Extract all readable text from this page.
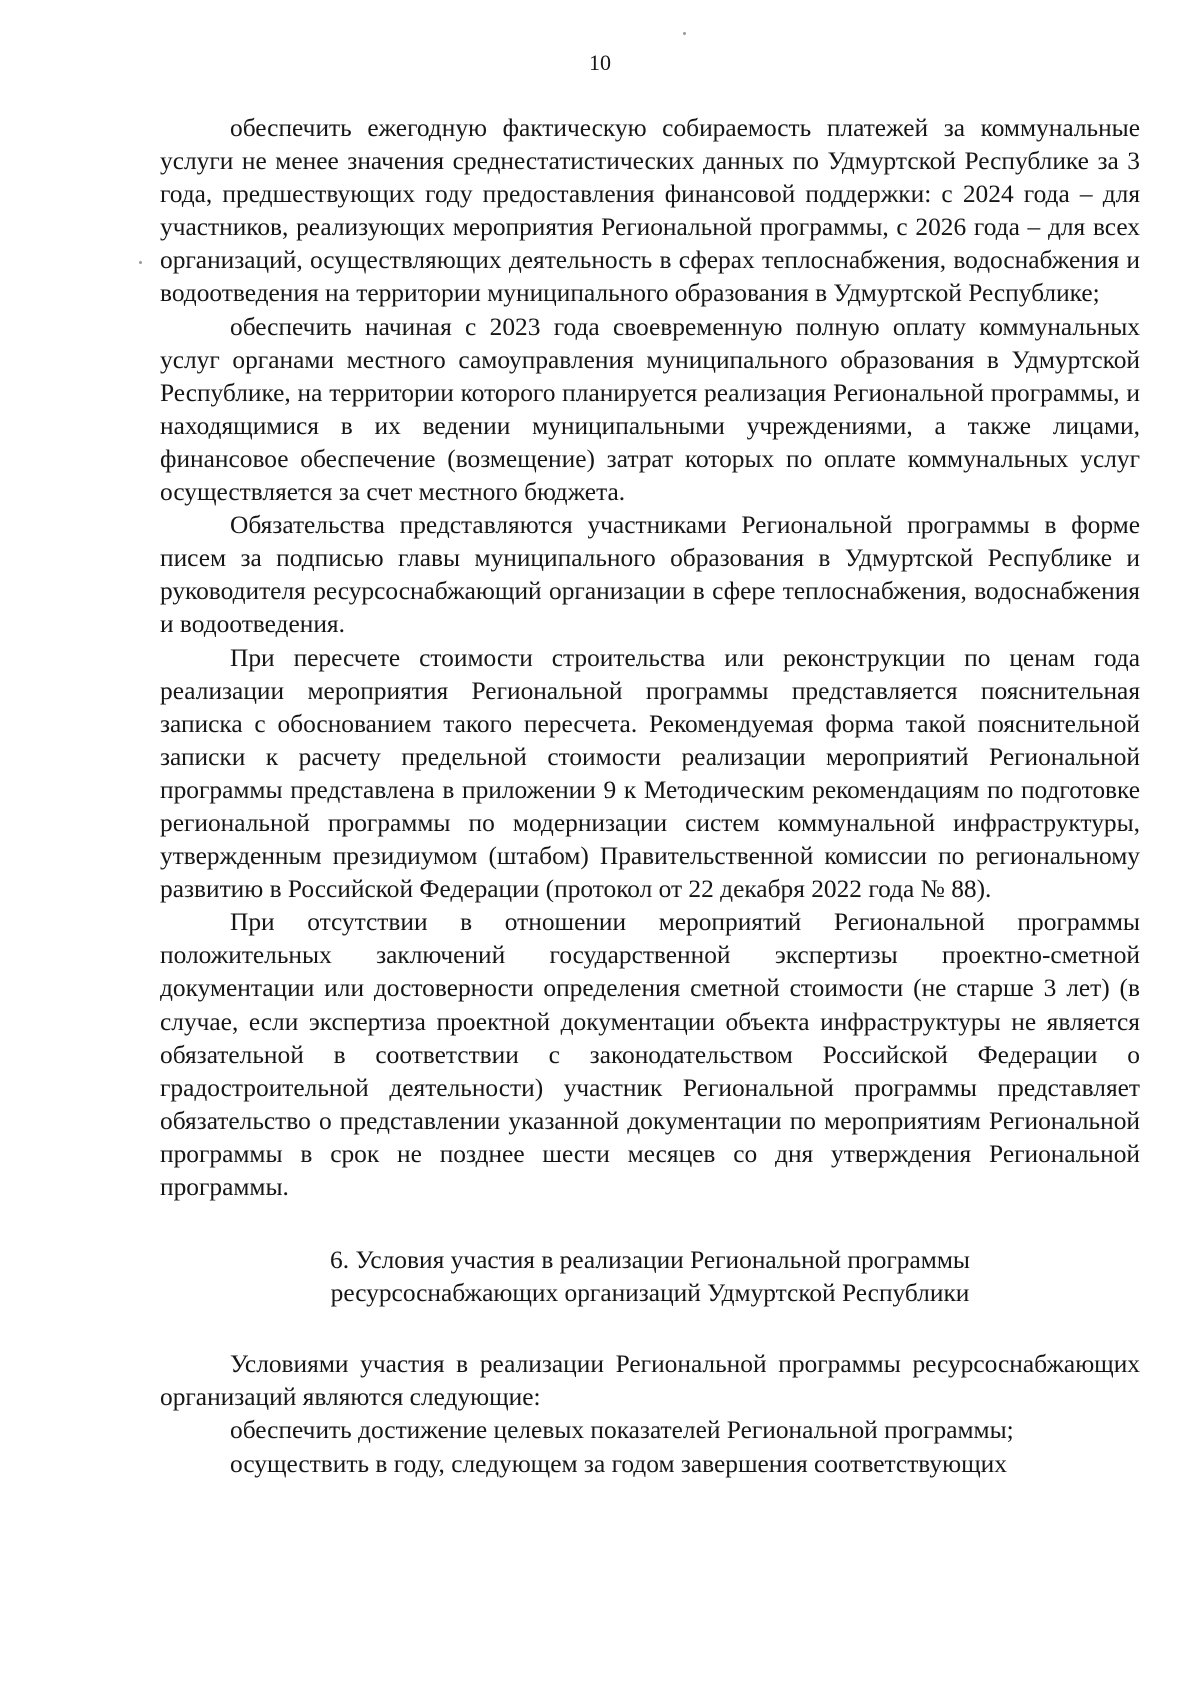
10

обеспечить ежегодную фактическую собираемость платежей за коммунальные услуги не менее значения среднестатистических данных по Удмуртской Республике за 3 года, предшествующих году предоставления финансовой поддержки: с 2024 года – для участников, реализующих мероприятия Региональной программы, с 2026 года – для всех организаций, осуществляющих деятельность в сферах теплоснабжения, водоснабжения и водоотведения на территории муниципального образования в Удмуртской Республике;

обеспечить начиная с 2023 года своевременную полную оплату коммунальных услуг органами местного самоуправления муниципального образования в Удмуртской Республике, на территории которого планируется реализация Региональной программы, и находящимися в их ведении муниципальными учреждениями, а также лицами, финансовое обеспечение (возмещение) затрат которых по оплате коммунальных услуг осуществляется за счет местного бюджета.

Обязательства представляются участниками Региональной программы в форме писем за подписью главы муниципального образования в Удмуртской Республике и руководителя ресурсоснабжающий организации в сфере теплоснабжения, водоснабжения и водоотведения.

При пересчете стоимости строительства или реконструкции по ценам года реализации мероприятия Региональной программы представляется пояснительная записка с обоснованием такого пересчета. Рекомендуемая форма такой пояснительной записки к расчету предельной стоимости реализации мероприятий Региональной программы представлена в приложении 9 к Методическим рекомендациям по подготовке региональной программы по модернизации систем коммунальной инфраструктуры, утвержденным президиумом (штабом) Правительственной комиссии по региональному развитию в Российской Федерации (протокол от 22 декабря 2022 года № 88).

При отсутствии в отношении мероприятий Региональной программы положительных заключений государственной экспертизы проектно-сметной документации или достоверности определения сметной стоимости (не старше 3 лет) (в случае, если экспертиза проектной документации объекта инфраструктуры не является обязательной в соответствии с законодательством Российской Федерации о градостроительной деятельности) участник Региональной программы представляет обязательство о представлении указанной документации по мероприятиям Региональной программы в срок не позднее шести месяцев со дня утверждения Региональной программы.

6. Условия участия в реализации Региональной программы
ресурсоснабжающих организаций Удмуртской Республики

Условиями участия в реализации Региональной программы ресурсоснабжающих организаций являются следующие:

обеспечить достижение целевых показателей Региональной программы;

осуществить в году, следующем за годом завершения соответствующих
